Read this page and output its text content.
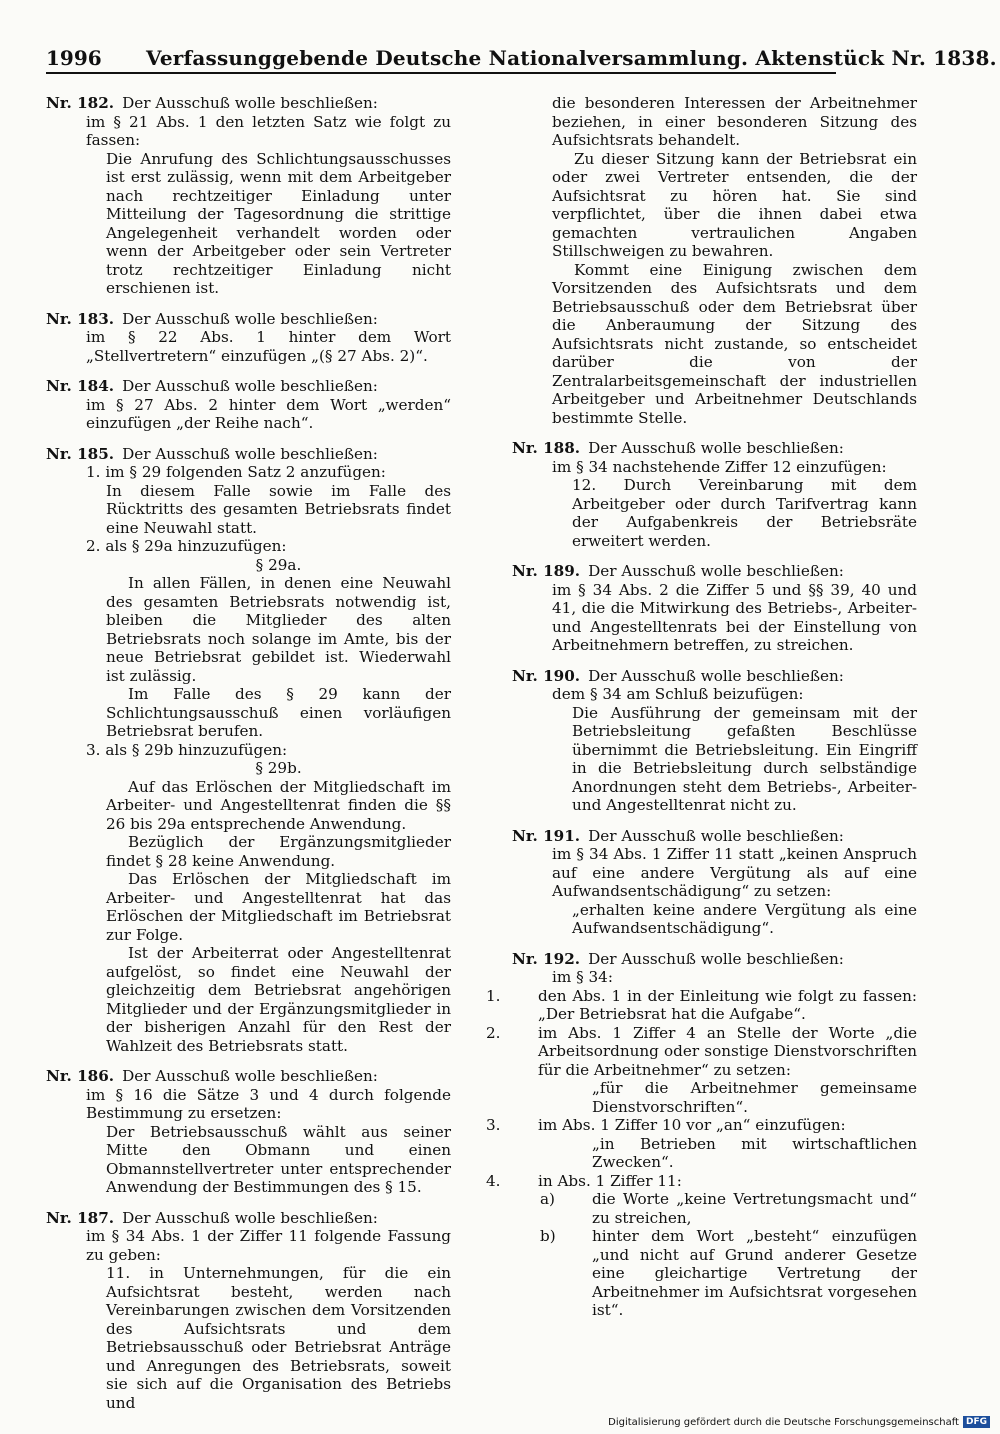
1996 Verfassunggebende Deutsche Nationalversammlung. Aktenstück Nr. 1838.
Nr. 182. Der Ausschuß wolle beschließen:
im § 21 Abs. 1 den letzten Satz wie folgt zu fassen:
Die Anrufung des Schlichtungsausschusses ist erst zulässig, wenn mit dem Arbeitgeber nach rechtzeitiger Einladung unter Mitteilung der Tagesordnung die strittige Angelegenheit verhandelt worden oder wenn der Arbeitgeber oder sein Vertreter trotz rechtzeitiger Einladung nicht erschienen ist.
Nr. 183. Der Ausschuß wolle beschließen:
im § 22 Abs. 1 hinter dem Wort „Stellvertretern“ einzufügen „(§ 27 Abs. 2)“.
Nr. 184. Der Ausschuß wolle beschließen:
im § 27 Abs. 2 hinter dem Wort „werden“ einzufügen „der Reihe nach“.
Nr. 185. Der Ausschuß wolle beschließen:
1. im § 29 folgenden Satz 2 anzufügen:
In diesem Falle sowie im Falle des Rücktritts des gesamten Betriebsrats findet eine Neuwahl statt.
2. als § 29a hinzuzufügen:
§ 29a.
In allen Fällen, in denen eine Neuwahl des gesamten Betriebsrats notwendig ist, bleiben die Mitglieder des alten Betriebsrats noch solange im Amte, bis der neue Betriebsrat gebildet ist. Wiederwahl ist zulässig.
Im Falle des § 29 kann der Schlichtungsausschuß einen vorläufigen Betriebsrat berufen.
3. als § 29b hinzuzufügen:
§ 29b.
Auf das Erlöschen der Mitgliedschaft im Arbeiter- und Angestelltenrat finden die §§ 26 bis 29a entsprechende Anwendung.
Bezüglich der Ergänzungsmitglieder findet § 28 keine Anwendung.
Das Erlöschen der Mitgliedschaft im Arbeiter- und Angestelltenrat hat das Erlöschen der Mitgliedschaft im Betriebsrat zur Folge.
Ist der Arbeiterrat oder Angestelltenrat aufgelöst, so findet eine Neuwahl der gleichzeitig dem Betriebsrat angehörigen Mitglieder und der Ergänzungsmitglieder in der bisherigen Anzahl für den Rest der Wahlzeit des Betriebsrats statt.
Nr. 186. Der Ausschuß wolle beschließen:
im § 16 die Sätze 3 und 4 durch folgende Bestimmung zu ersetzen:
Der Betriebsausschuß wählt aus seiner Mitte den Obmann und einen Obmannstellvertreter unter entsprechender Anwendung der Bestimmungen des § 15.
Nr. 187. Der Ausschuß wolle beschließen:
im § 34 Abs. 1 der Ziffer 11 folgende Fassung zu geben:
11. in Unternehmungen, für die ein Aufsichtsrat besteht, werden nach Vereinbarungen zwischen dem Vorsitzenden des Aufsichtsrats und dem Betriebsausschuß oder Betriebsrat Anträge und Anregungen des Betriebsrats, soweit sie sich auf die Organisation des Betriebs und
die besonderen Interessen der Arbeitnehmer beziehen, in einer besonderen Sitzung des Aufsichtsrats behandelt.
Zu dieser Sitzung kann der Betriebsrat ein oder zwei Vertreter entsenden, die der Aufsichtsrat zu hören hat. Sie sind verpflichtet, über die ihnen dabei etwa gemachten vertraulichen Angaben Stillschweigen zu bewahren.
Kommt eine Einigung zwischen dem Vorsitzenden des Aufsichtsrats und dem Betriebsausschuß oder dem Betriebsrat über die Anberaumung der Sitzung des Aufsichtsrats nicht zustande, so entscheidet darüber die von der Zentralarbeitsgemeinschaft der industriellen Arbeitgeber und Arbeitnehmer Deutschlands bestimmte Stelle.
Nr. 188. Der Ausschuß wolle beschließen:
im § 34 nachstehende Ziffer 12 einzufügen:
12. Durch Vereinbarung mit dem Arbeitgeber oder durch Tarifvertrag kann der Aufgabenkreis der Betriebsräte erweitert werden.
Nr. 189. Der Ausschuß wolle beschließen:
im § 34 Abs. 2 die Ziffer 5 und §§ 39, 40 und 41, die die Mitwirkung des Betriebs-, Arbeiter- und Angestelltenrats bei der Einstellung von Arbeitnehmern betreffen, zu streichen.
Nr. 190. Der Ausschuß wolle beschließen:
dem § 34 am Schluß beizufügen:
Die Ausführung der gemeinsam mit der Betriebsleitung gefaßten Beschlüsse übernimmt die Betriebsleitung. Ein Eingriff in die Betriebsleitung durch selbständige Anordnungen steht dem Betriebs-, Arbeiter- und Angestelltenrat nicht zu.
Nr. 191. Der Ausschuß wolle beschließen:
im § 34 Abs. 1 Ziffer 11 statt „keinen Anspruch auf eine andere Vergütung als auf eine Aufwandsentschädigung“ zu setzen:
„erhalten keine andere Vergütung als eine Aufwandsentschädigung“.
Nr. 192. Der Ausschuß wolle beschließen:
im § 34:
1. den Abs. 1 in der Einleitung wie folgt zu fassen: „Der Betriebsrat hat die Aufgabe“.
2. im Abs. 1 Ziffer 4 an Stelle der Worte „die Arbeitsordnung oder sonstige Dienstvorschriften für die Arbeitnehmer“ zu setzen:
„für die Arbeitnehmer gemeinsame Dienstvorschriften“.
3. im Abs. 1 Ziffer 10 vor „an“ einzufügen:
„in Betrieben mit wirtschaftlichen Zwecken“.
4. in Abs. 1 Ziffer 11:
a) die Worte „keine Vertretungsmacht und“ zu streichen,
b) hinter dem Wort „besteht“ einzufügen „und nicht auf Grund anderer Gesetze eine gleichartige Vertretung der Arbeitnehmer im Aufsichtsrat vorgesehen ist“.
Digitalisierung gefördert durch die Deutsche Forschungsgemeinschaft DFG
